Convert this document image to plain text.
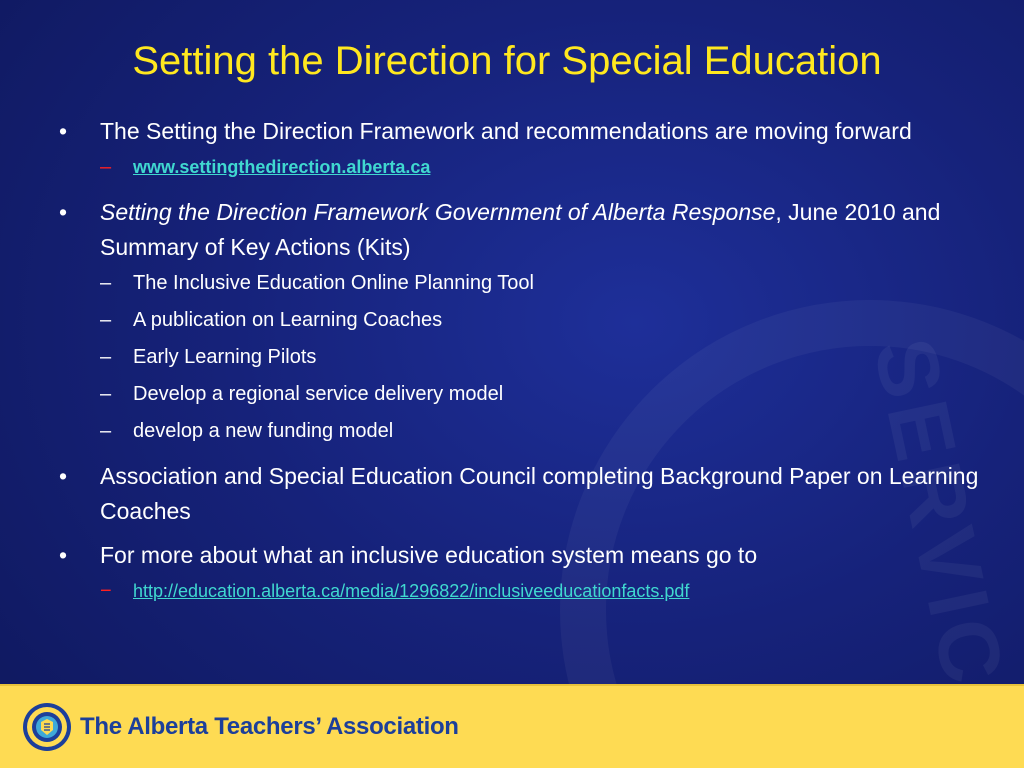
SERVIC
Setting the Direction for Special Education

• The Setting the Direction Framework and recommendations are moving forward

– www.settingthedirection.alberta.ca

• Setting the Direction Framework Government of Alberta Response, June 2010 and Summary of Key Actions (Kits)

– The Inclusive Education Online Planning Tool

– A publication on Learning Coaches

– Early Learning Pilots

– Develop a regional service delivery model

– develop a new funding model

• Association and Special Education Council completing Background Paper on Learning Coaches

• For more about what an inclusive education system means go to

− http://education.alberta.ca/media/1296822/inclusiveeducationfacts.pdf

The Alberta Teachers’ Association
